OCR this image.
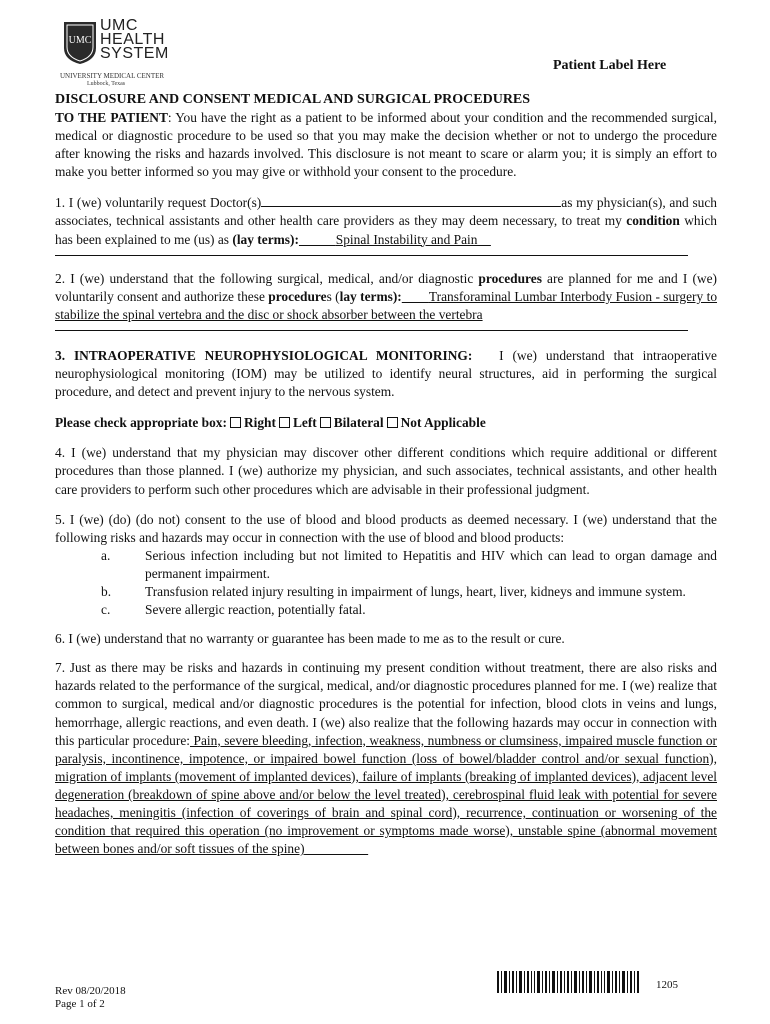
UMC
UMC
HEALTH
SYSTEM
UNIVERSITY MEDICAL CENTER
Lubbock, Texas
Patient Label Here

DISCLOSURE AND CONSENT MEDICAL AND SURGICAL PROCEDURES

TO THE PATIENT: You have the right as a patient to be informed about your condition and the recommended surgical, medical or diagnostic procedure to be used so that you may make the decision whether or not to undergo the procedure after knowing the risks and hazards involved. This disclosure is not meant to scare or alarm you; it is simply an effort to make you better informed so you may give or withhold your consent to the procedure.

1. I (we) voluntarily request Doctor(s)	as my physician(s), and such associates, technical assistants and other health care providers as they may deem necessary, to treat my condition which has been explained to me (us) as (lay terms):	Spinal Instability and Pain

2. I (we) understand that the following surgical, medical, and/or diagnostic procedures are planned for me and I (we) voluntarily consent and authorize these procedures (lay terms): Transforaminal Lumbar Interbody Fusion - surgery to stabilize the spinal vertebra and the disc or shock absorber between the vertebra

3. INTRAOPERATIVE NEUROPHYSIOLOGICAL MONITORING: I (we) understand that intraoperative neurophysiological monitoring (IOM) may be utilized to identify neural structures, aid in performing the surgical procedure, and detect and prevent injury to the nervous system.

Please check appropriate box: Right Left Bilateral Not Applicable

4. I (we) understand that my physician may discover other different conditions which require additional or different procedures than those planned. I (we) authorize my physician, and such associates, technical assistants, and other health care providers to perform such other procedures which are advisable in their professional judgment.

5. I (we) (do) (do not) consent to the use of blood and blood products as deemed necessary. I (we) understand that the following risks and hazards may occur in connection with the use of blood and blood products:

a.	Serious infection including but not limited to Hepatitis and HIV which can lead to organ damage and permanent impairment.
b.	Transfusion related injury resulting in impairment of lungs, heart, liver, kidneys and immune system.
c.	Severe allergic reaction, potentially fatal.

6. I (we) understand that no warranty or guarantee has been made to me as to the result or cure.

7. Just as there may be risks and hazards in continuing my present condition without treatment, there are also risks and hazards related to the performance of the surgical, medical, and/or diagnostic procedures planned for me. I (we) realize that common to surgical, medical and/or diagnostic procedures is the potential for infection, blood clots in veins and lungs, hemorrhage, allergic reactions, and even death. I (we) also realize that the following hazards may occur in connection with this particular procedure: Pain, severe bleeding, infection, weakness, numbness or clumsiness, impaired muscle function or paralysis, incontinence, impotence, or impaired bowel function (loss of bowel/bladder control and/or sexual function), migration of implants (movement of implanted devices), failure of implants (breaking of implanted devices), adjacent level degeneration (breakdown of spine above and/or below the level treated), cerebrospinal fluid leak with potential for severe headaches, meningitis (infection of coverings of brain and spinal cord), recurrence, continuation or worsening of the condition that required this operation (no improvement or symptoms made worse), unstable spine (abnormal movement between bones and/or soft tissues of the spine)

Rev 08/20/2018
Page 1 of 2
1205
